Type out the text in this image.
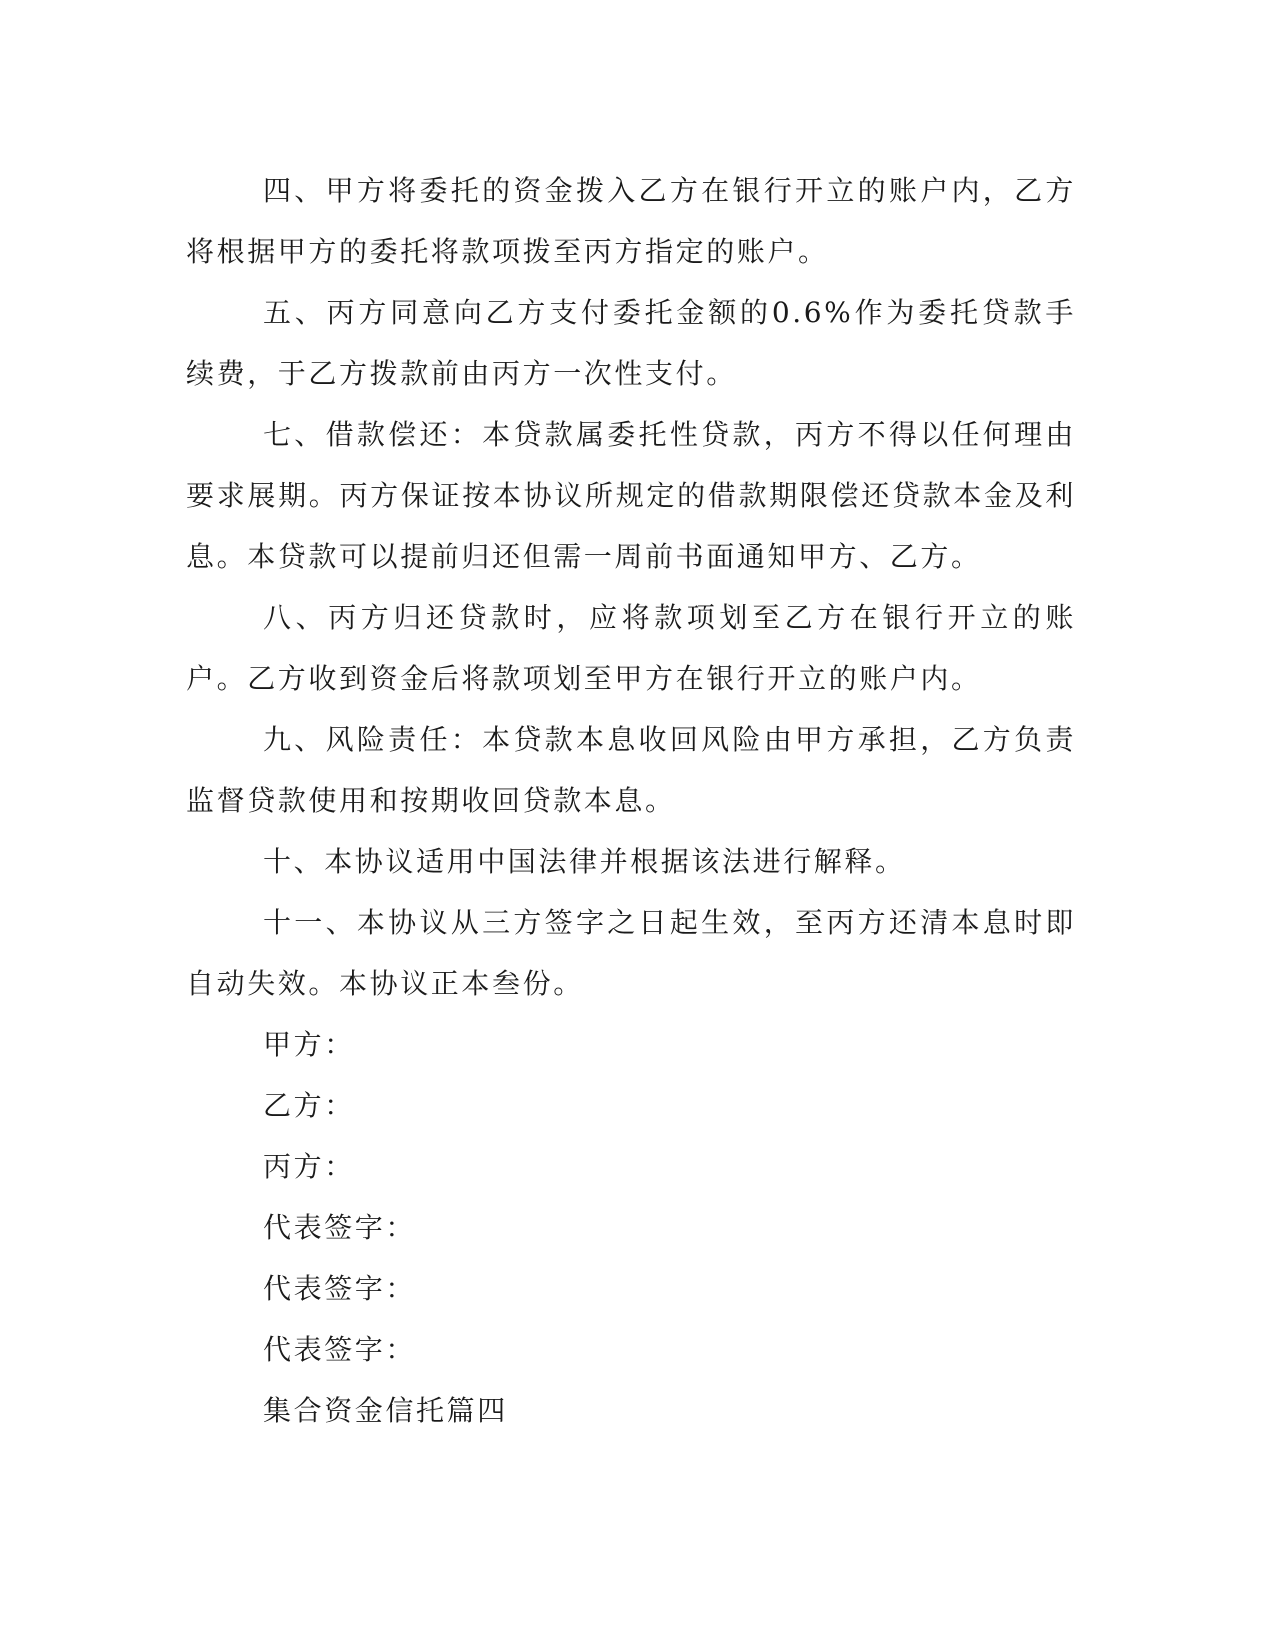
四、甲方将委托的资金拨入乙方在银行开立的账户内，乙方将根据甲方的委托将款项拨至丙方指定的账户。

五、丙方同意向乙方支付委托金额的0.6%作为委托贷款手续费，于乙方拨款前由丙方一次性支付。

七、借款偿还：本贷款属委托性贷款，丙方不得以任何理由要求展期。丙方保证按本协议所规定的借款期限偿还贷款本金及利息。本贷款可以提前归还但需一周前书面通知甲方、乙方。

八、丙方归还贷款时，应将款项划至乙方在银行开立的账户。乙方收到资金后将款项划至甲方在银行开立的账户内。

九、风险责任：本贷款本息收回风险由甲方承担，乙方负责监督贷款使用和按期收回贷款本息。

十、本协议适用中国法律并根据该法进行解释。

十一、本协议从三方签字之日起生效，至丙方还清本息时即自动失效。本协议正本叁份。

甲方：

乙方：

丙方：

代表签字：

代表签字：

代表签字：

集合资金信托篇四
